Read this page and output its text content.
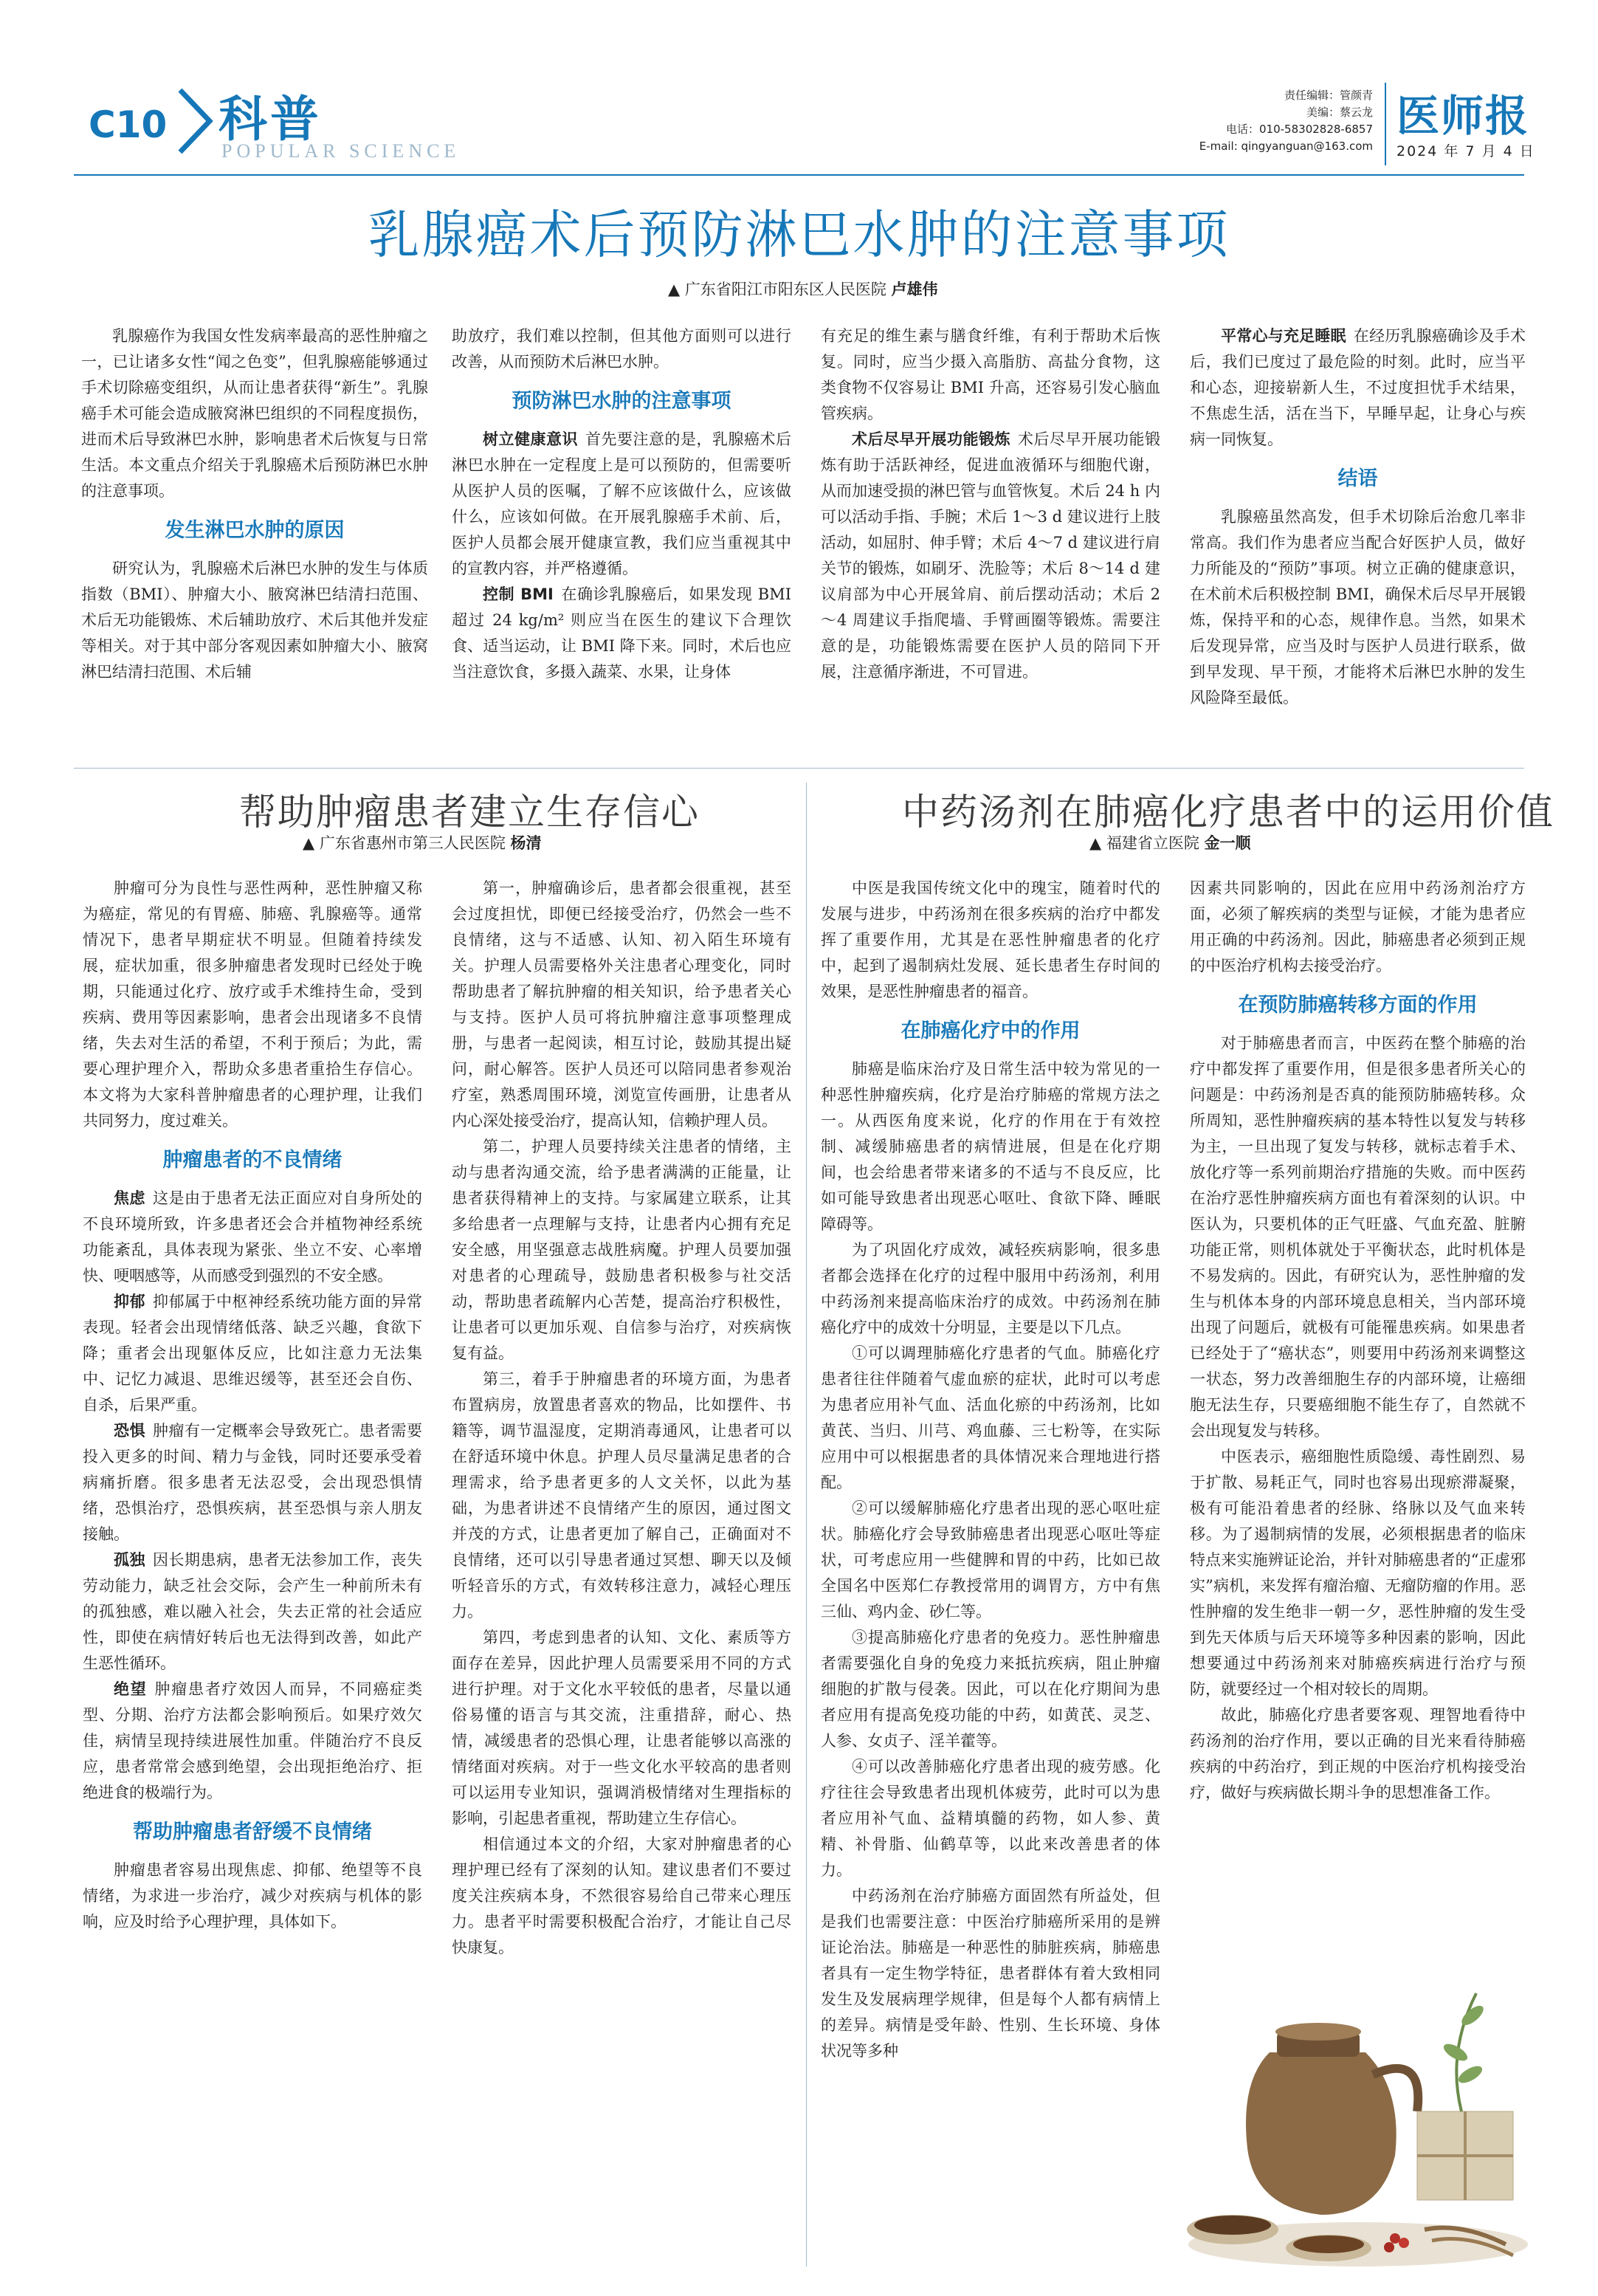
C10 科普
POPULAR SCIENCE
责任编辑：管颜青
美编：蔡云龙
电话：010-58302828-6857
E-mail: qingyanguan@163.com
医师报
2024 年 7 月 4 日
乳腺癌术后预防淋巴水肿的注意事项
▲ 广东省阳江市阳东区人民医院 卢雄伟

乳腺癌作为我国女性发病率最高的恶性肿瘤之一，已让诸多女性“闻之色变”，但乳腺癌能够通过手术切除癌变组织，从而让患者获得“新生”。乳腺癌手术可能会造成腋窝淋巴组织的不同程度损伤，进而术后导致淋巴水肿，影响患者术后恢复与日常生活。本文重点介绍关于乳腺癌术后预防淋巴水肿的注意事项。

发生淋巴水肿的原因

研究认为，乳腺癌术后淋巴水肿的发生与体质指数（BMI）、肿瘤大小、腋窝淋巴结清扫范围、术后无功能锻炼、术后辅助放疗、术后其他并发症等相关。对于其中部分客观因素如肿瘤大小、腋窝淋巴结清扫范围、术后辅

助放疗，我们难以控制，但其他方面则可以进行改善，从而预防术后淋巴水肿。

预防淋巴水肿的注意事项

树立健康意识 首先要注意的是，乳腺癌术后淋巴水肿在一定程度上是可以预防的，但需要听从医护人员的医嘱，了解不应该做什么，应该做什么，应该如何做。在开展乳腺癌手术前、后，医护人员都会展开健康宣教，我们应当重视其中的宣教内容，并严格遵循。

控制 BMI 在确诊乳腺癌后，如果发现 BMI 超过 24 kg/m² 则应当在医生的建议下合理饮食、适当运动，让 BMI 降下来。同时，术后也应当注意饮食，多摄入蔬菜、水果，让身体

有充足的维生素与膳食纤维，有利于帮助术后恢复。同时，应当少摄入高脂肪、高盐分食物，这类食物不仅容易让 BMI 升高，还容易引发心脑血管疾病。

术后尽早开展功能锻炼 术后尽早开展功能锻炼有助于活跃神经，促进血液循环与细胞代谢，从而加速受损的淋巴管与血管恢复。术后 24 h 内可以活动手指、手腕；术后 1～3 d 建议进行上肢活动，如屈肘、伸手臂；术后 4～7 d 建议进行肩关节的锻炼，如刷牙、洗脸等；术后 8～14 d 建议肩部为中心开展耸肩、前后摆动活动；术后 2～4 周建议手指爬墙、手臂画圈等锻炼。需要注意的是，功能锻炼需要在医护人员的陪同下开展，注意循序渐进，不可冒进。

平常心与充足睡眠 在经历乳腺癌确诊及手术后，我们已度过了最危险的时刻。此时，应当平和心态，迎接崭新人生，不过度担忧手术结果，不焦虑生活，活在当下，早睡早起，让身心与疾病一同恢复。

结语

乳腺癌虽然高发，但手术切除后治愈几率非常高。我们作为患者应当配合好医护人员，做好力所能及的“预防”事项。树立正确的健康意识，在术前术后积极控制 BMI，确保术后尽早开展锻炼，保持平和的心态，规律作息。当然，如果术后发现异常，应当及时与医护人员进行联系，做到早发现、早干预，才能将术后淋巴水肿的发生风险降至最低。

帮助肿瘤患者建立生存信心
▲ 广东省惠州市第三人民医院 杨清

肿瘤可分为良性与恶性两种，恶性肿瘤又称为癌症，常见的有胃癌、肺癌、乳腺癌等。通常情况下，患者早期症状不明显。但随着持续发展，症状加重，很多肿瘤患者发现时已经处于晚期，只能通过化疗、放疗或手术维持生命，受到疾病、费用等因素影响，患者会出现诸多不良情绪，失去对生活的希望，不利于预后；为此，需要心理护理介入，帮助众多患者重拾生存信心。本文将为大家科普肿瘤患者的心理护理，让我们共同努力，度过难关。

肿瘤患者的不良情绪

焦虑 这是由于患者无法正面应对自身所处的不良环境所致，许多患者还会合并植物神经系统功能紊乱，具体表现为紧张、坐立不安、心率增快、哽咽感等，从而感受到强烈的不安全感。

抑郁 抑郁属于中枢神经系统功能方面的异常表现。轻者会出现情绪低落、缺乏兴趣，食欲下降；重者会出现躯体反应，比如注意力无法集中、记忆力减退、思维迟缓等，甚至还会自伤、自杀，后果严重。

恐惧 肿瘤有一定概率会导致死亡。患者需要投入更多的时间、精力与金钱，同时还要承受着病痛折磨。很多患者无法忍受，会出现恐惧情绪，恐惧治疗，恐惧疾病，甚至恐惧与亲人朋友接触。

孤独 因长期患病，患者无法参加工作，丧失劳动能力，缺乏社会交际，会产生一种前所未有的孤独感，难以融入社会，失去正常的社会适应性，即使在病情好转后也无法得到改善，如此产生恶性循环。

绝望 肿瘤患者疗效因人而异，不同癌症类型、分期、治疗方法都会影响预后。如果疗效欠佳，病情呈现持续进展性加重。伴随治疗不良反应，患者常常会感到绝望，会出现拒绝治疗、拒绝进食的极端行为。

帮助肿瘤患者舒缓不良情绪

肿瘤患者容易出现焦虑、抑郁、绝望等不良情绪，为求进一步治疗，减少对疾病与机体的影响，应及时给予心理护理，具体如下。

第一，肿瘤确诊后，患者都会很重视，甚至会过度担忧，即便已经接受治疗，仍然会一些不良情绪，这与不适感、认知、初入陌生环境有关。护理人员需要格外关注患者心理变化，同时帮助患者了解抗肿瘤的相关知识，给予患者关心与支持。医护人员可将抗肿瘤注意事项整理成册，与患者一起阅读，相互讨论，鼓励其提出疑问，耐心解答。医护人员还可以陪同患者参观治疗室，熟悉周围环境，浏览宣传画册，让患者从内心深处接受治疗，提高认知，信赖护理人员。

第二，护理人员要持续关注患者的情绪，主动与患者沟通交流，给予患者满满的正能量，让患者获得精神上的支持。与家属建立联系，让其多给患者一点理解与支持，让患者内心拥有充足安全感，用坚强意志战胜病魔。护理人员要加强对患者的心理疏导，鼓励患者积极参与社交活动，帮助患者疏解内心苦楚，提高治疗积极性，让患者可以更加乐观、自信参与治疗，对疾病恢复有益。

第三，着手于肿瘤患者的环境方面，为患者布置病房，放置患者喜欢的物品，比如摆件、书籍等，调节温湿度，定期消毒通风，让患者可以在舒适环境中休息。护理人员尽量满足患者的合理需求，给予患者更多的人文关怀，以此为基础，为患者讲述不良情绪产生的原因，通过图文并茂的方式，让患者更加了解自己，正确面对不良情绪，还可以引导患者通过冥想、聊天以及倾听轻音乐的方式，有效转移注意力，减轻心理压力。

第四，考虑到患者的认知、文化、素质等方面存在差异，因此护理人员需要采用不同的方式进行护理。对于文化水平较低的患者，尽量以通俗易懂的语言与其交流，注重措辞，耐心、热情，减缓患者的恐惧心理，让患者能够以高涨的情绪面对疾病。对于一些文化水平较高的患者则可以运用专业知识，强调消极情绪对生理指标的影响，引起患者重视，帮助建立生存信心。

相信通过本文的介绍，大家对肿瘤患者的心理护理已经有了深刻的认知。建议患者们不要过度关注疾病本身，不然很容易给自己带来心理压力。患者平时需要积极配合治疗，才能让自己尽快康复。

中药汤剂在肺癌化疗患者中的运用价值
▲ 福建省立医院 金一顺

中医是我国传统文化中的瑰宝，随着时代的发展与进步，中药汤剂在很多疾病的治疗中都发挥了重要作用，尤其是在恶性肿瘤患者的化疗中，起到了遏制病灶发展、延长患者生存时间的效果，是恶性肿瘤患者的福音。

在肺癌化疗中的作用

肺癌是临床治疗及日常生活中较为常见的一种恶性肿瘤疾病，化疗是治疗肺癌的常规方法之一。从西医角度来说，化疗的作用在于有效控制、减缓肺癌患者的病情进展，但是在化疗期间，也会给患者带来诸多的不适与不良反应，比如可能导致患者出现恶心呕吐、食欲下降、睡眠障碍等。

为了巩固化疗成效，减轻疾病影响，很多患者都会选择在化疗的过程中服用中药汤剂，利用中药汤剂来提高临床治疗的成效。中药汤剂在肺癌化疗中的成效十分明显，主要是以下几点。

①可以调理肺癌化疗患者的气血。肺癌化疗患者往往伴随着气虚血瘀的症状，此时可以考虑为患者应用补气血、活血化瘀的中药汤剂，比如黄芪、当归、川芎、鸡血藤、三七粉等，在实际应用中可以根据患者的具体情况来合理地进行搭配。

②可以缓解肺癌化疗患者出现的恶心呕吐症状。肺癌化疗会导致肺癌患者出现恶心呕吐等症状，可考虑应用一些健脾和胃的中药，比如已故全国名中医郑仁存教授常用的调胃方，方中有焦三仙、鸡内金、砂仁等。

③提高肺癌化疗患者的免疫力。恶性肿瘤患者需要强化自身的免疫力来抵抗疾病，阻止肿瘤细胞的扩散与侵袭。因此，可以在化疗期间为患者应用有提高免疫功能的中药，如黄芪、灵芝、人参、女贞子、淫羊藿等。

④可以改善肺癌化疗患者出现的疲劳感。化疗往往会导致患者出现机体疲劳，此时可以为患者应用补气血、益精填髓的药物，如人参、黄精、补骨脂、仙鹤草等，以此来改善患者的体力。

中药汤剂在治疗肺癌方面固然有所益处，但是我们也需要注意：中医治疗肺癌所采用的是辨证论治法。肺癌是一种恶性的肺脏疾病，肺癌患者具有一定生物学特征，患者群体有着大致相同发生及发展病理学规律，但是每个人都有病情上的差异。病情是受年龄、性别、生长环境、身体状况等多种

因素共同影响的，因此在应用中药汤剂治疗方面，必须了解疾病的类型与证候，才能为患者应用正确的中药汤剂。因此，肺癌患者必须到正规的中医治疗机构去接受治疗。

在预防肺癌转移方面的作用

对于肺癌患者而言，中医药在整个肺癌的治疗中都发挥了重要作用，但是很多患者所关心的问题是：中药汤剂是否真的能预防肺癌转移。众所周知，恶性肿瘤疾病的基本特性以复发与转移为主，一旦出现了复发与转移，就标志着手术、放化疗等一系列前期治疗措施的失败。而中医药在治疗恶性肿瘤疾病方面也有着深刻的认识。中医认为，只要机体的正气旺盛、气血充盈、脏腑功能正常，则机体就处于平衡状态，此时机体是不易发病的。因此，有研究认为，恶性肿瘤的发生与机体本身的内部环境息息相关，当内部环境出现了问题后，就极有可能罹患疾病。如果患者已经处于了“癌状态”，则要用中药汤剂来调整这一状态，努力改善细胞生存的内部环境，让癌细胞无法生存，只要癌细胞不能生存了，自然就不会出现复发与转移。

中医表示，癌细胞性质隐缓、毒性剧烈、易于扩散、易耗正气，同时也容易出现瘀滞凝聚，极有可能沿着患者的经脉、络脉以及气血来转移。为了遏制病情的发展，必须根据患者的临床特点来实施辨证论治，并针对肺癌患者的“正虚邪实”病机，来发挥有瘤治瘤、无瘤防瘤的作用。恶性肿瘤的发生绝非一朝一夕，恶性肿瘤的发生受到先天体质与后天环境等多种因素的影响，因此想要通过中药汤剂来对肺癌疾病进行治疗与预防，就要经过一个相对较长的周期。

故此，肺癌化疗患者要客观、理智地看待中药汤剂的治疗作用，要以正确的目光来看待肺癌疾病的中药治疗，到正规的中医治疗机构接受治疗，做好与疾病做长期斗争的思想准备工作。
